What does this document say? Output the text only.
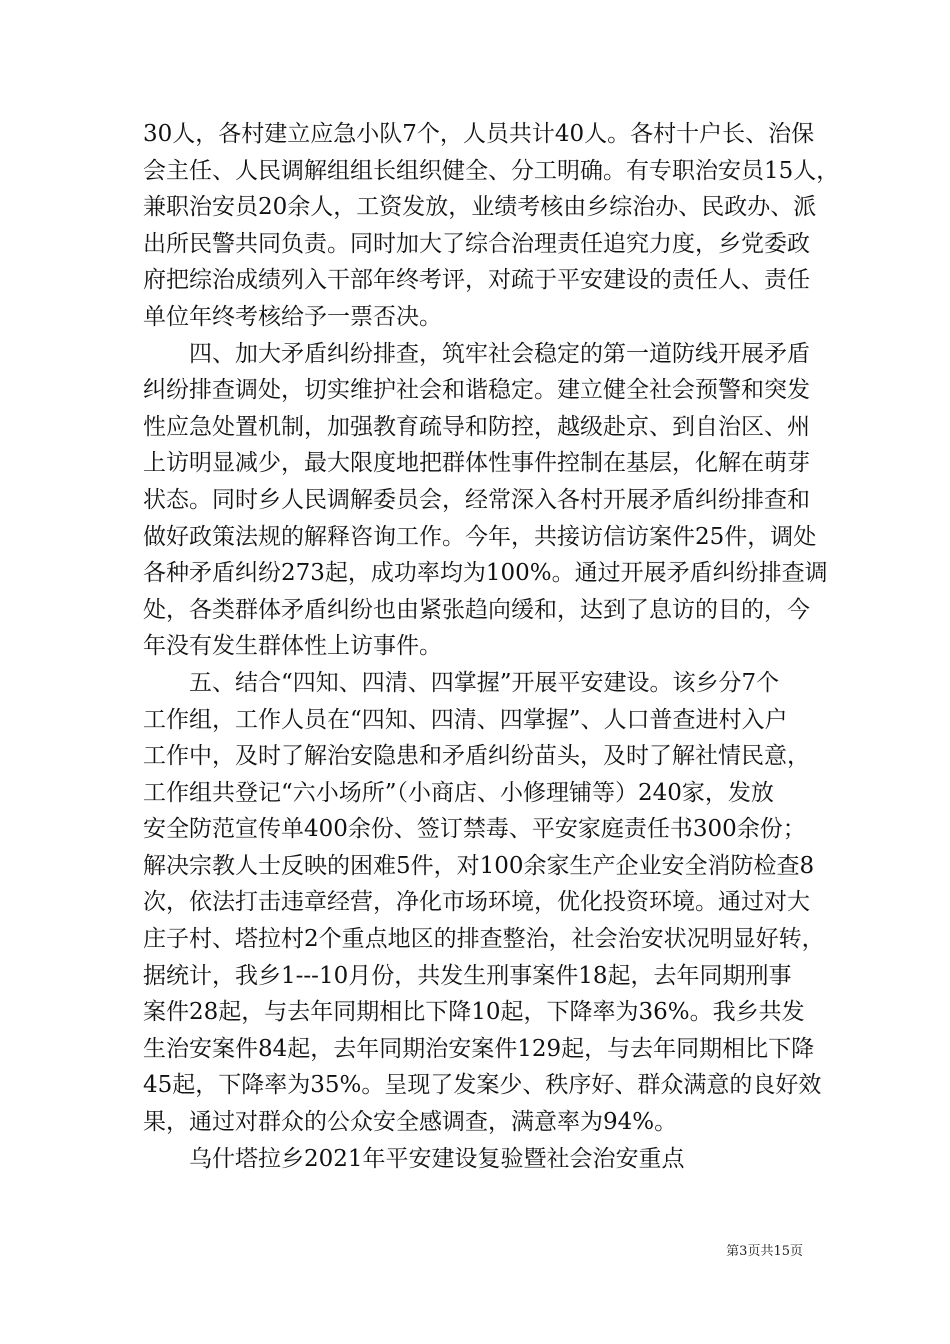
30人，各村建立应急小队7个，人员共计40人。各村十户长、治保
会主任、人民调解组组长组织健全、分工明确。有专职治安员15人，
兼职治安员20余人，工资发放，业绩考核由乡综治办、民政办、派
出所民警共同负责。同时加大了综合治理责任追究力度，乡党委政
府把综治成绩列入干部年终考评，对疏于平安建设的责任人、责任
单位年终考核给予一票否决。

四、加大矛盾纠纷排查，筑牢社会稳定的第一道防线开展矛盾
纠纷排查调处，切实维护社会和谐稳定。建立健全社会预警和突发
性应急处置机制，加强教育疏导和防控，越级赴京、到自治区、州
上访明显减少，最大限度地把群体性事件控制在基层，化解在萌芽
状态。同时乡人民调解委员会，经常深入各村开展矛盾纠纷排查和
做好政策法规的解释咨询工作。今年，共接访信访案件25件，调处
各种矛盾纠纷273起，成功率均为100%。通过开展矛盾纠纷排查调
处，各类群体矛盾纠纷也由紧张趋向缓和，达到了息访的目的，今
年没有发生群体性上访事件。

五、结合“四知、四清、四掌握”开展平安建设。该乡分7个
工作组，工作人员在“四知、四清、四掌握”、人口普查进村入户
工作中，及时了解治安隐患和矛盾纠纷苗头，及时了解社情民意，
工作组共登记“六小场所”（小商店、小修理铺等）240家，发放
安全防范宣传单400余份、签订禁毒、平安家庭责任书300余份；
解决宗教人士反映的困难5件，对100余家生产企业安全消防检查8
次，依法打击违章经营，净化市场环境，优化投资环境。通过对大
庄子村、塔拉村2个重点地区的排查整治，社会治安状况明显好转，
据统计，我乡1---10月份，共发生刑事案件18起，去年同期刑事
案件28起，与去年同期相比下降10起，下降率为36%。我乡共发
生治安案件84起，去年同期治安案件129起，与去年同期相比下降
45起，下降率为35%。呈现了发案少、秩序好、群众满意的良好效
果，通过对群众的公众安全感调查，满意率为94%。

乌什塔拉乡2021年平安建设复验暨社会治安重点

第3页共15页
